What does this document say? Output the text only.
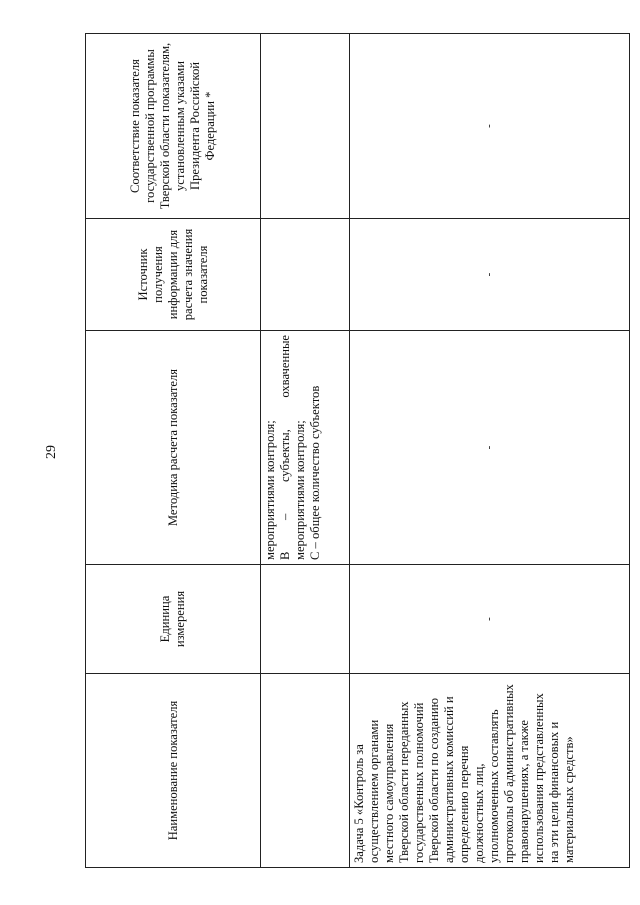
29
Наименование показателя	Единица измерения	Методика расчета показателя	Источник получения информации для расчета значения показателя	Соответствие показателя государственной программы Тверской области показателям, установленным указами Президента Российской Федерации *

		мероприятиями контроля; В – субъекты, охваченные мероприятиями контроля; С – общее количество субъектов		

Задача 5 «Контроль за осуществлением органами местного самоуправления Тверской области переданных государственных полномочий Тверской области по созданию административных комиссий и определению перечня должностных лиц, уполномоченных составлять протоколы об административных правонарушениях, а также использования представленных на эти цели финансовых и материальных средств»	-	-	-	-
